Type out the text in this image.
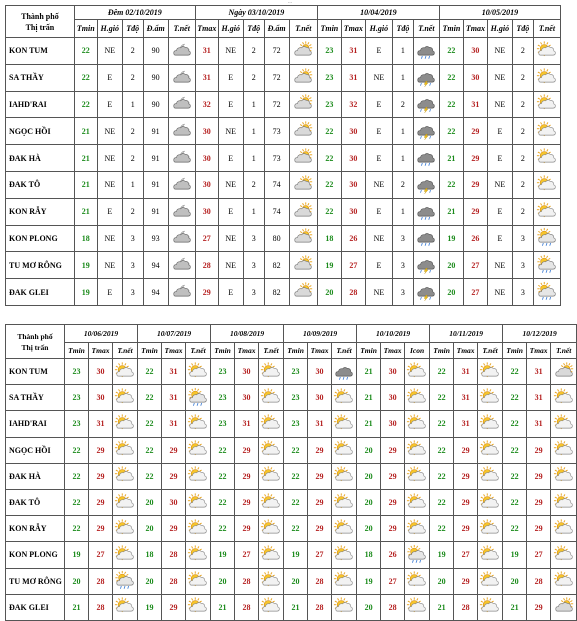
...
Thành phố
Thị trấn	Đêm 02/10/2019					Ngày 03/10/2019					10/04/2019					10/05/2019				
	Tmin	H.gió	Tđộ	Đ.ẩm	T.nết	Tmax	H.gió	Tđộ	Đ.ẩm	T.nết	Tmin	Tmax	H.gió	Tđộ	T.nết	Tmin	Tmax	H.gió	Tđộ	T.nết
KON TUM	22	NE	2	90		31	NE	2	72		23	31	E	1		22	30	NE	2	
SA THẦY	22	E	2	90		31	E	2	72		23	31	NE	1		22	30	NE	2	
IAHD'RAI	22	E	1	90		32	E	1	72		23	32	E	2		22	31	NE	2	
NGỌC HỒI	21	NE	2	91		30	NE	1	73		22	30	E	1		22	29	E	2	
ĐAK HÀ	21	NE	2	91		30	E	1	73		22	30	E	1		21	29	E	2	
ĐAK TÔ	21	NE	1	91		30	NE	2	74		22	30	NE	2		22	29	NE	2	
KON RẪY	21	E	2	91		30	E	1	74		22	30	E	1		21	29	E	2	
KON PLONG	18	NE	3	93		27	NE	3	80		18	26	NE	3		19	26	E	3	
TU MƠ RÔNG	19	NE	3	94		28	NE	3	82		19	27	E	3		20	27	NE	3	
ĐAK GLEI	19	E	3	94		29	E	3	82		20	28	NE	3		20	27	NE	3	
Thành phố
Thị trấn	10/06/2019			10/07/2019			10/08/2019			10/09/2019			10/10/2019			10/11/2019			10/12/2019		
	Tmin	Tmax	T.nết	Tmin	Tmax	T.nết	Tmin	Tmax	T.nết	Tmin	Tmax	T.nết	Tmin	Tmax	Icon	Tmin	Tmax	T.nết	Tmin	Tmax	T.nết
KON TUM	23	30		22	31		23	30		23	30		21	30		22	31		22	31	
SA THẦY	23	30		22	31		23	30		23	30		21	30		22	31		22	31	
IAHD'RAI	23	31		22	31		23	31		23	31		21	30		22	31		22	31	
NGỌC HỒI	22	29		22	29		22	29		22	29		20	29		22	29		22	29	
ĐAK HÀ	22	29		22	29		22	29		22	29		20	29		22	29		22	29	
ĐAK TÔ	22	29		20	30		22	29		22	29		20	29		22	29		22	29	
KON RẪY	22	29		20	29		22	29		22	29		20	29		22	29		22	29	
KON PLONG	19	27		18	28		19	27		19	27		18	26		19	27		19	27	
TU MƠ RÔNG	20	28		20	28		20	28		20	28		19	27		20	29		20	28	
ĐAK GLEI	21	28		19	29		21	28		21	28		20	28		21	28		21	29	
